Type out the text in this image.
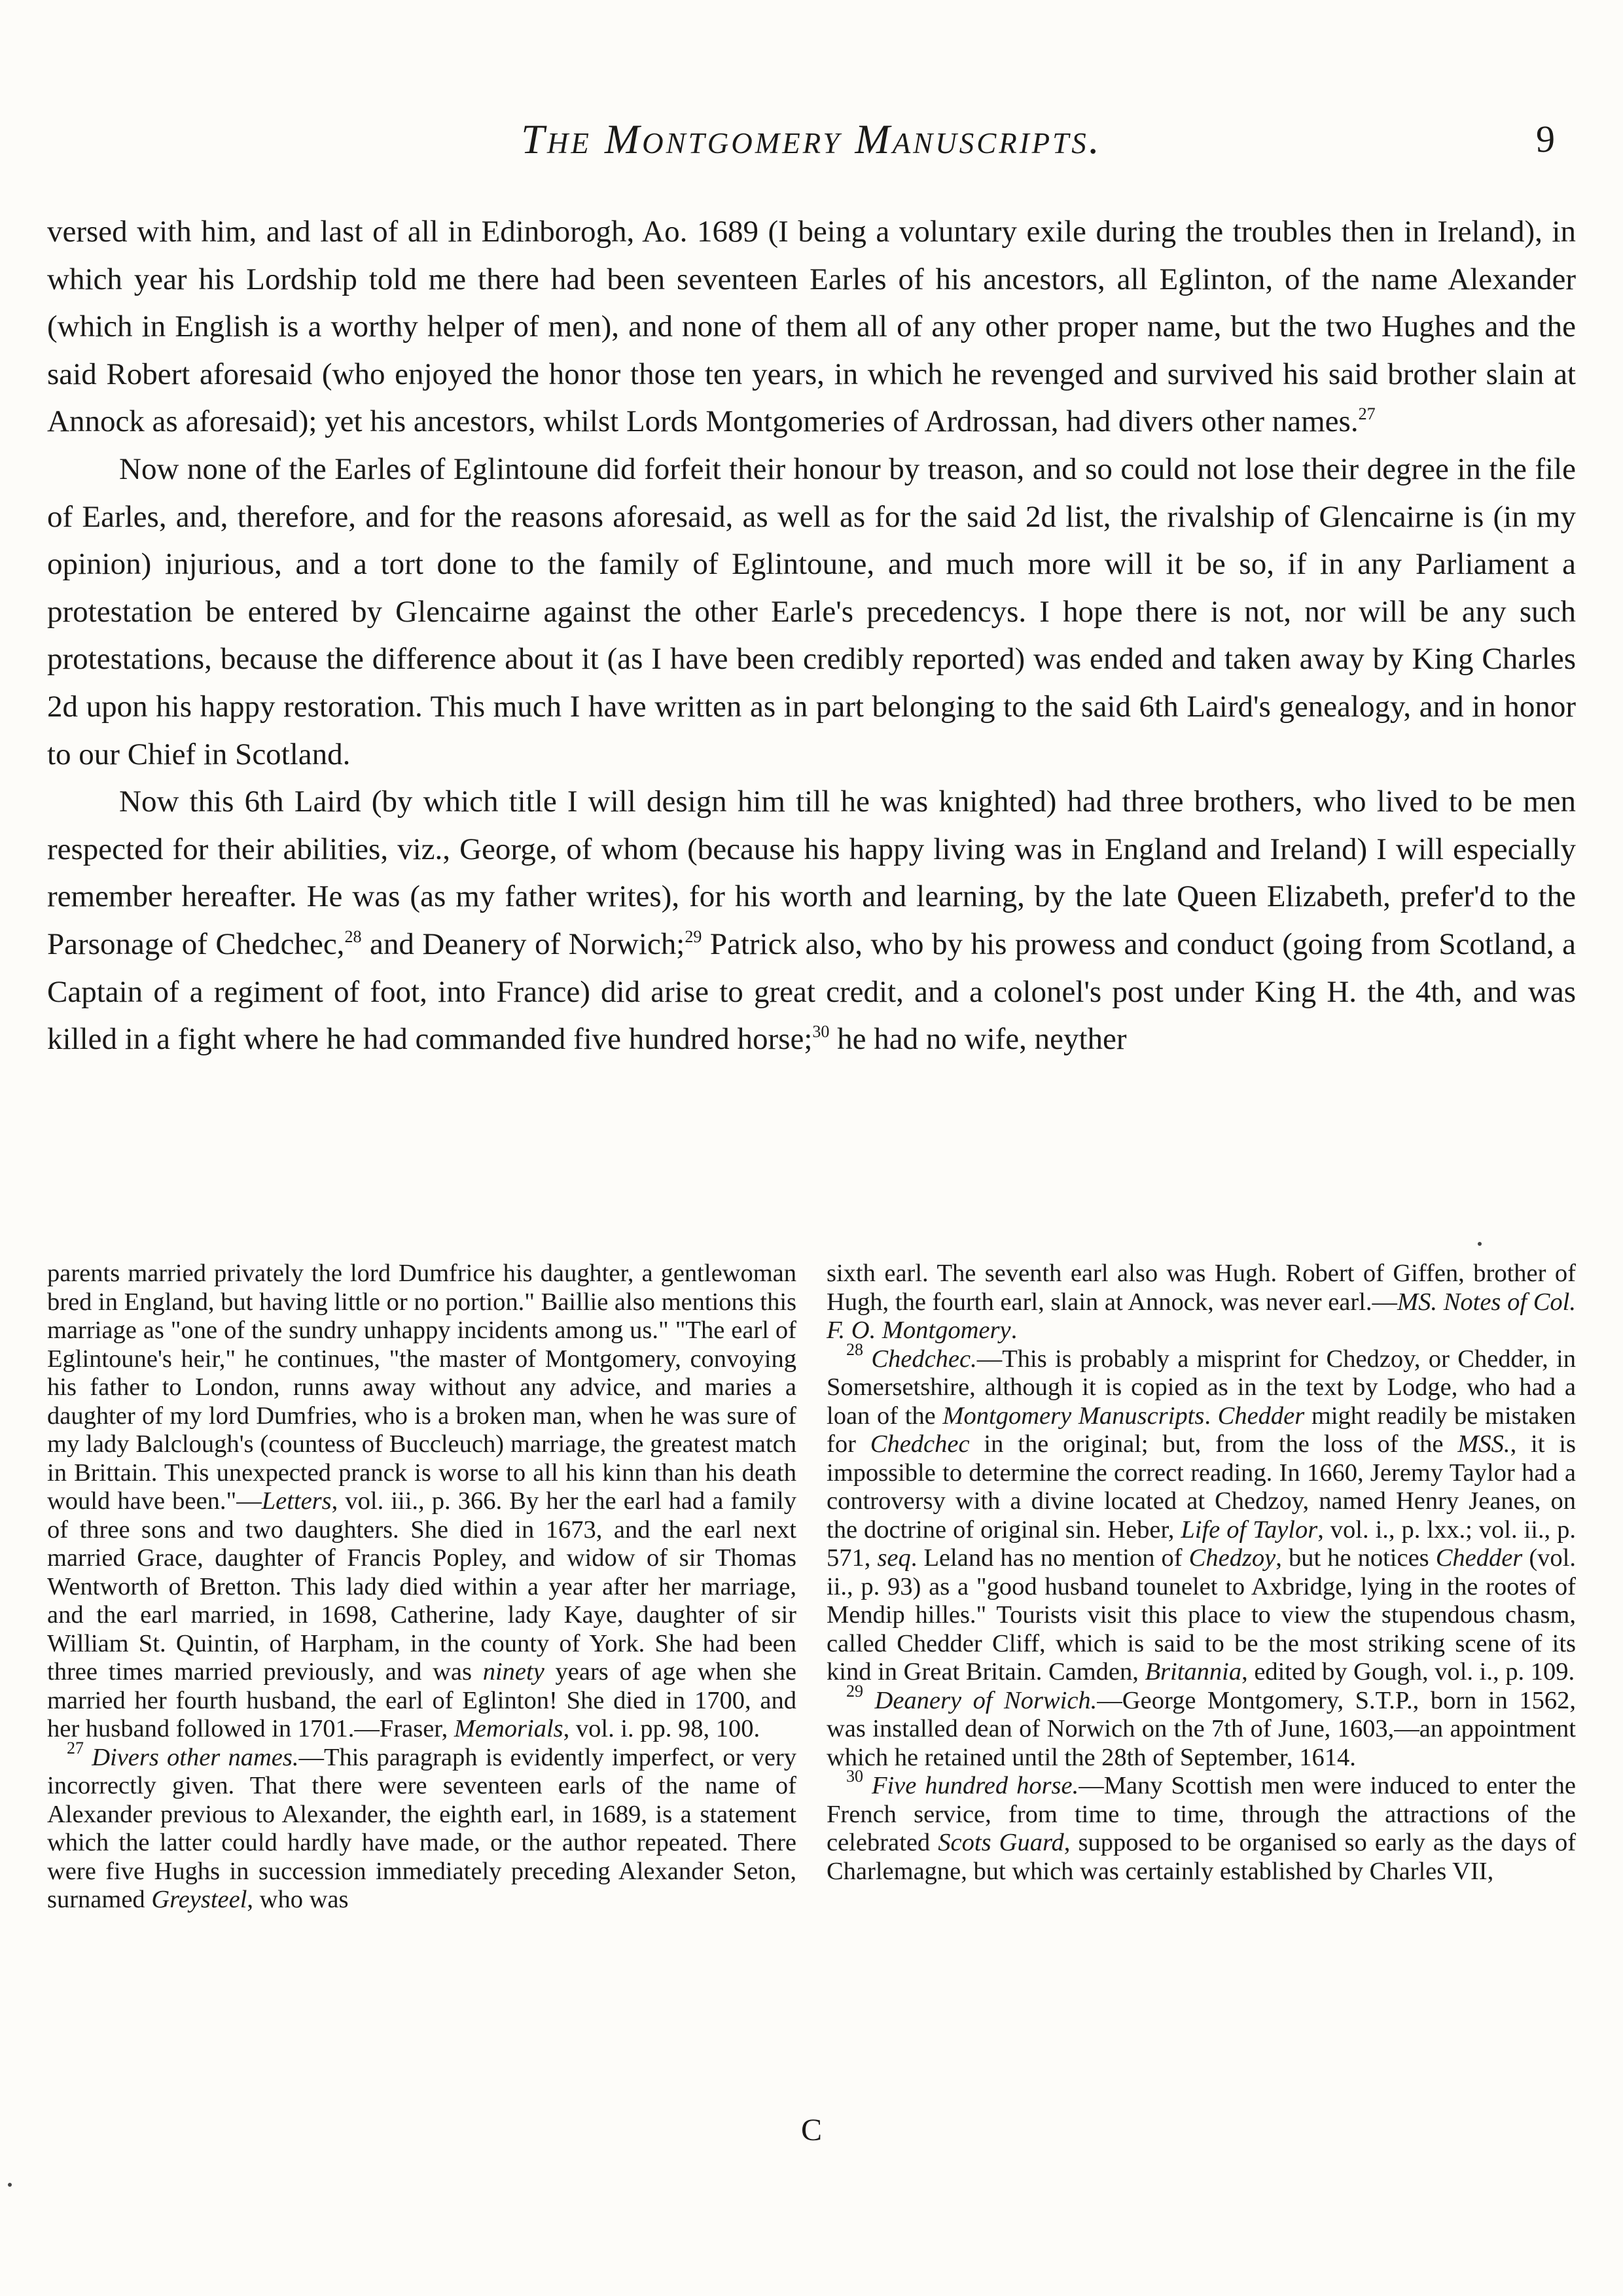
The Montgomery Manuscripts.	9

versed with him, and last of all in Edinborogh, Ao. 1689 (I being a voluntary exile during the troubles then in Ireland), in which year his Lordship told me there had been seventeen Earles of his ancestors, all Eglinton, of the name Alexander (which in English is a worthy helper of men), and none of them all of any other proper name, but the two Hughes and the said Robert aforesaid (who enjoyed the honor those ten years, in which he revenged and survived his said brother slain at Annock as aforesaid); yet his ancestors, whilst Lords Montgomeries of Ardrossan, had divers other names.$^{27}$

Now none of the Earles of Eglintoune did forfeit their honour by treason, and so could not lose their degree in the file of Earles, and, therefore, and for the reasons aforesaid, as well as for the said 2d list, the rivalship of Glencairne is (in my opinion) injurious, and a tort done to the family of Eglintoune, and much more will it be so, if in any Parliament a protestation be entered by Glencairne against the other Earle's precedencys. I hope there is not, nor will be any such protestations, because the difference about it (as I have been credibly reported) was ended and taken away by King Charles 2d upon his happy restoration. This much I have written as in part belonging to the said 6th Laird's genealogy, and in honor to our Chief in Scotland.

Now this 6th Laird (by which title I will design him till he was knighted) had three brothers, who lived to be men respected for their abilities, viz., George, of whom (because his happy living was in England and Ireland) I will especially remember hereafter. He was (as my father writes), for his worth and learning, by the late Queen Elizabeth, prefer'd to the Parsonage of Chedchec,$^{28}$ and Deanery of Norwich;$^{29}$ Patrick also, who by his prowess and conduct (going from Scotland, a Captain of a regiment of foot, into France) did arise to great credit, and a colonel's post under King H. the 4th, and was killed in a fight where he had commanded five hundred horse;$^{30}$ he had no wife, neyther

parents married privately the lord Dumfrice his daughter, a gentlewoman bred in England, but having little or no portion." Baillie also mentions this marriage as "one of the sundry unhappy incidents among us." "The earl of Eglintoune's heir," he continues, "the master of Montgomery, convoying his father to London, runns away without any advice, and maries a daughter of my lord Dumfries, who is a broken man, when he was sure of my lady Balclough's (countess of Buccleuch) marriage, the greatest match in Brittain. This unexpected pranck is worse to all his kinn than his death would have been."—Letters, vol. iii., p. 366. By her the earl had a family of three sons and two daughters. She died in 1673, and the earl next married Grace, daughter of Francis Popley, and widow of sir Thomas Wentworth of Bretton. This lady died within a year after her marriage, and the earl married, in 1698, Catherine, lady Kaye, daughter of sir William St. Quintin, of Harpham, in the county of York. She had been three times married previously, and was ninety years of age when she married her fourth husband, the earl of Eglinton! She died in 1700, and her husband followed in 1701.—Fraser, Memorials, vol. i. pp. 98, 100.

$^{27}$ Divers other names.—This paragraph is evidently imperfect, or very incorrectly given. That there were seventeen earls of the name of Alexander previous to Alexander, the eighth earl, in 1689, is a statement which the latter could hardly have made, or the author repeated. There were five Hughs in succession immediately preceding Alexander Seton, surnamed Greysteel, who was

sixth earl. The seventh earl also was Hugh. Robert of Giffen, brother of Hugh, the fourth earl, slain at Annock, was never earl.—MS. Notes of Col. F. O. Montgomery.

$^{28}$ Chedchec.—This is probably a misprint for Chedzoy, or Chedder, in Somersetshire, although it is copied as in the text by Lodge, who had a loan of the Montgomery Manuscripts. Chedder might readily be mistaken for Chedchec in the original; but, from the loss of the MSS., it is impossible to determine the correct reading. In 1660, Jeremy Taylor had a controversy with a divine located at Chedzoy, named Henry Jeanes, on the doctrine of original sin. Heber, Life of Taylor, vol. i., p. lxx.; vol. ii., p. 571, seq. Leland has no mention of Chedzoy, but he notices Chedder (vol. ii., p. 93) as a "good husband tounelet to Axbridge, lying in the rootes of Mendip hilles." Tourists visit this place to view the stupendous chasm, called Chedder Cliff, which is said to be the most striking scene of its kind in Great Britain. Camden, Britannia, edited by Gough, vol. i., p. 109.

$^{29}$ Deanery of Norwich.—George Montgomery, S.T.P., born in 1562, was installed dean of Norwich on the 7th of June, 1603,—an appointment which he retained until the 28th of September, 1614.

$^{30}$ Five hundred horse.—Many Scottish men were induced to enter the French service, from time to time, through the attractions of the celebrated Scots Guard, supposed to be organised so early as the days of Charlemagne, but which was certainly established by Charles VII,

C
